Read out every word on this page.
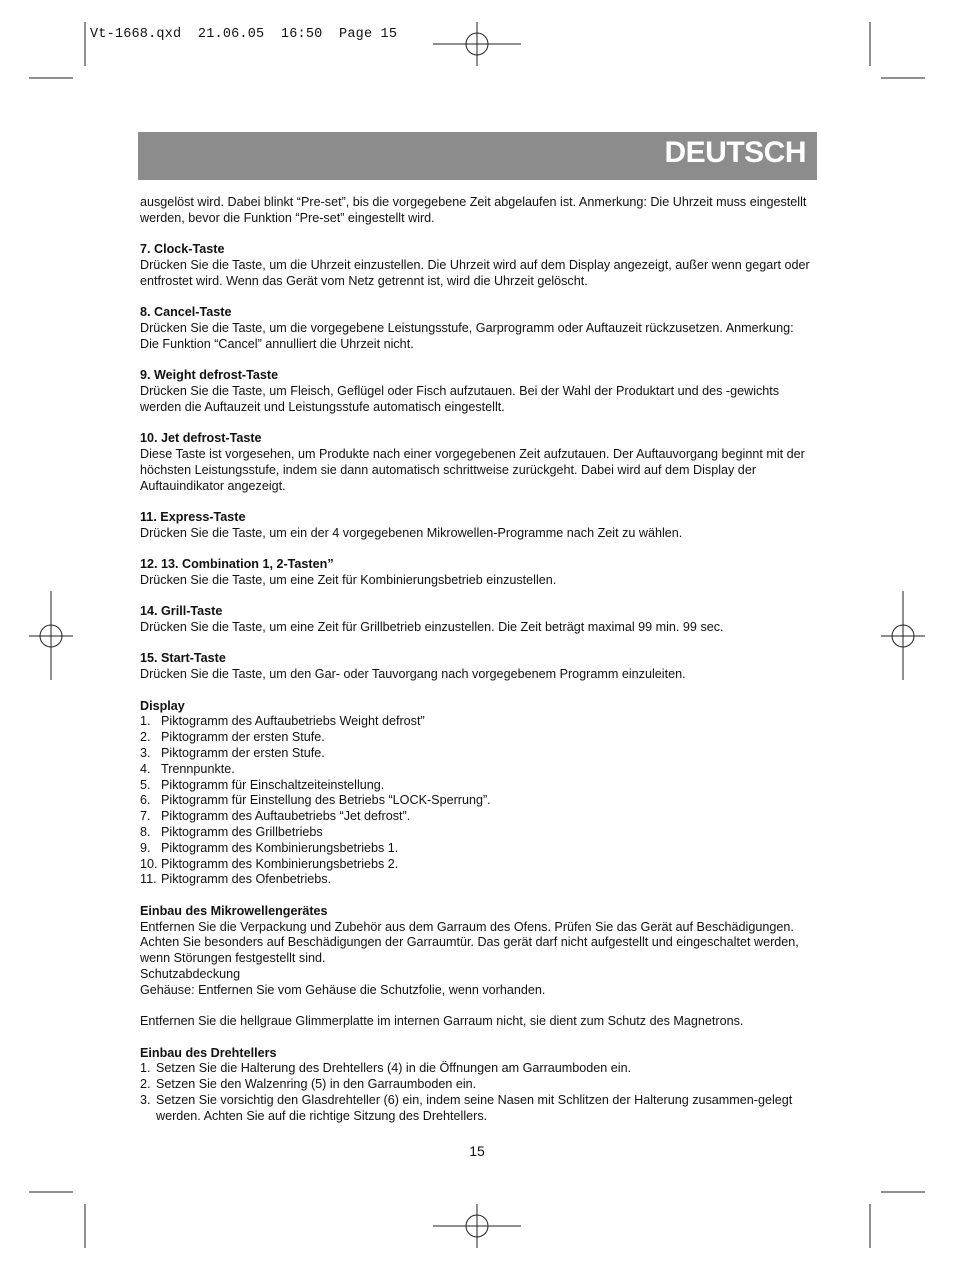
Vt-1668.qxd  21.06.05  16:50  Page 15
DEUTSCH

ausgelöst wird. Dabei blinkt “Pre-set”, bis die vorgegebene Zeit abgelaufen ist. Anmerkung: Die Uhrzeit muss eingestellt werden, bevor die Funktion “Pre-set” eingestellt wird.

7. Clock-Taste

Drücken Sie die Taste, um die Uhrzeit einzustellen. Die Uhrzeit wird auf dem Display angezeigt, außer wenn gegart oder entfrostet wird. Wenn das Gerät vom Netz getrennt ist, wird die Uhrzeit gelöscht.

8. Cancel-Taste

Drücken Sie die Taste, um die vorgegebene Leistungsstufe, Garprogramm oder Auftauzeit rückzusetzen. Anmerkung: Die Funktion “Cancel” annulliert die Uhrzeit nicht.

9. Weight defrost-Taste

Drücken Sie die Taste, um Fleisch, Geflügel oder Fisch aufzutauen. Bei der Wahl der Produktart und des -gewichts werden die Auftauzeit und Leistungsstufe automatisch eingestellt.

10. Jet defrost-Taste

Diese Taste ist vorgesehen, um Produkte nach einer vorgegebenen Zeit aufzutauen. Der Auftauvorgang beginnt mit der höchsten Leistungsstufe, indem sie dann automatisch schrittweise zurückgeht. Dabei wird auf dem Display der Auftauindikator angezeigt.

11. Express-Taste

Drücken Sie die Taste, um ein der 4 vorgegebenen Mikrowellen-Programme nach Zeit zu wählen.

12. 13. Combination 1, 2-Tasten”

Drücken Sie die Taste, um eine Zeit für Kombinierungsbetrieb einzustellen.

14. Grill-Taste

Drücken Sie die Taste, um eine Zeit für Grillbetrieb einzustellen. Die Zeit beträgt maximal 99 min. 99 sec.

15. Start-Taste

Drücken Sie die Taste, um den Gar- oder Tauvorgang nach vorgegebenem Programm einzuleiten.

Display

1. Piktogramm des Auftaubetriebs Weight defrost”
2. Piktogramm der ersten Stufe.
3. Piktogramm der ersten Stufe.
4. Trennpunkte.
5. Piktogramm für Einschaltzeiteinstellung.
6. Piktogramm für Einstellung des Betriebs “LOCK-Sperrung”.
7. Piktogramm des Auftaubetriebs “Jet defrost”.
8. Piktogramm des Grillbetriebs
9. Piktogramm des Kombinierungsbetriebs 1.
10. Piktogramm des Kombinierungsbetriebs 2.
11. Piktogramm des Ofenbetriebs.

Einbau des Mikrowellengerätes

Entfernen Sie die Verpackung und Zubehör aus dem Garraum des Ofens. Prüfen Sie das Gerät auf Beschädigungen. Achten Sie besonders auf Beschädigungen der Garraumtür. Das gerät darf nicht aufgestellt und eingeschaltet werden, wenn Störungen festgestellt sind.

Schutzabdeckung

Gehäuse: Entfernen Sie vom Gehäuse die Schutzfolie, wenn vorhanden.

Entfernen Sie die hellgraue Glimmerplatte im internen Garraum nicht, sie dient zum Schutz des Magnetrons.

Einbau des Drehtellers

1. Setzen Sie die Halterung des Drehtellers (4) in die Öffnungen am Garraumboden ein.
2. Setzen Sie den Walzenring (5) in den Garraumboden ein.
3. Setzen Sie vorsichtig den Glasdrehteller (6) ein, indem seine Nasen mit Schlitzen der Halterung zusammen-gelegt werden. Achten Sie auf die richtige Sitzung des Drehtellers.
15
